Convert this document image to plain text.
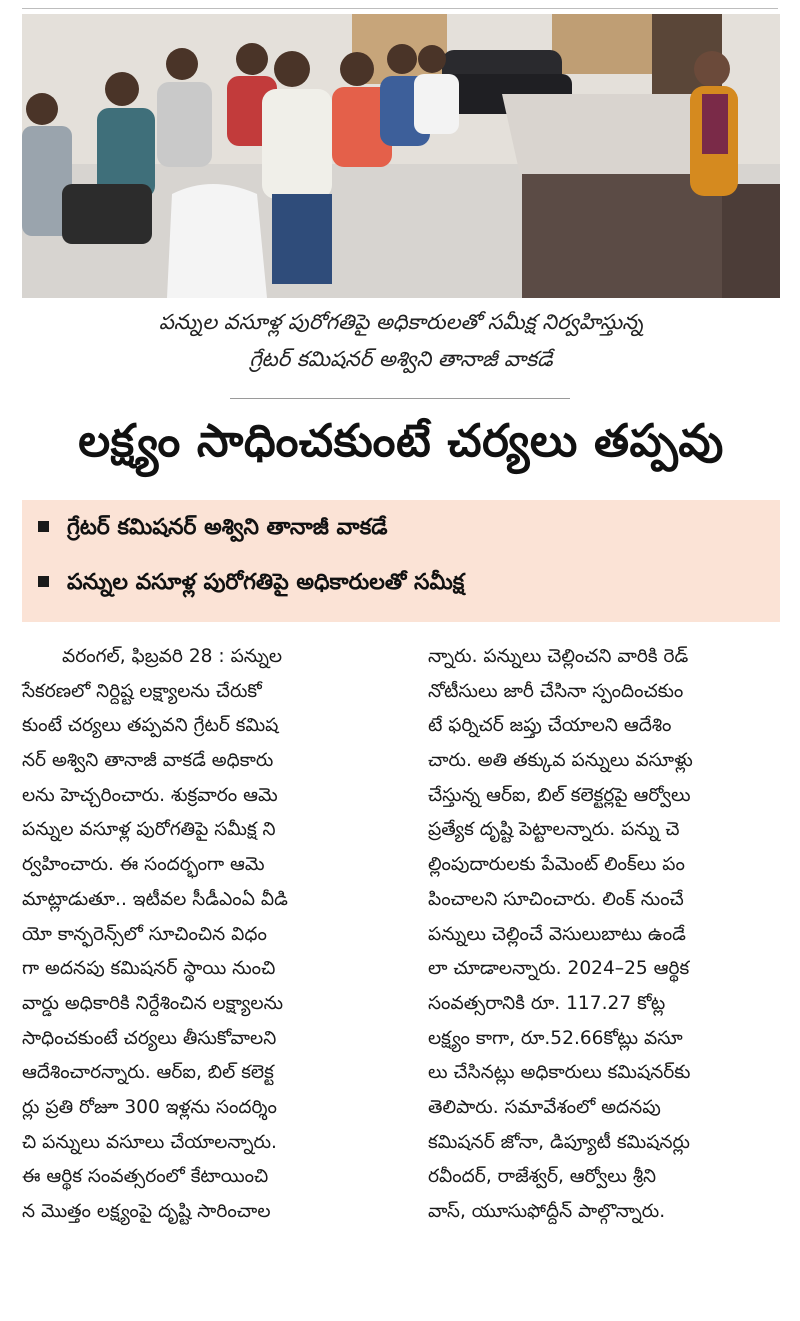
పన్నుల వసూళ్ల పురోగతిపై అధికారులతో సమీక్ష నిర్వహిస్తున్న
గ్రేటర్ కమిషనర్ అశ్విని తానాజీ వాకడే
లక్ష్యం సాధించకుంటే చర్యలు తప్పవు
గ్రేటర్ కమిషనర్ అశ్విని తానాజీ వాకడే
పన్నుల వసూళ్ల పురోగతిపై అధికారులతో సమీక్ష
వరంగల్, ఫిబ్రవరి 28 : పన్నుల
సేకరణలో నిర్దిష్ట లక్ష్యాలను చేరుకో
కుంటే చర్యలు తప్పవని గ్రేటర్ కమిష
నర్ అశ్విని తానాజీ వాకడే అధికారు
లను హెచ్చరించారు. శుక్రవారం ఆమె
పన్నుల వసూళ్ల పురోగతిపై సమీక్ష ని
ర్వహించారు. ఈ సందర్భంగా ఆమె
మాట్లాడుతూ.. ఇటీవల సీడీఎంఏ వీడి
యో కాన్ఫరెన్స్‌లో సూచించిన విధం
గా అదనపు కమిషనర్ స్థాయి నుంచి
వార్డు అధికారికి నిర్దేశించిన లక్ష్యాలను
సాధించకుంటే చర్యలు తీసుకోవాలని
ఆదేశించారన్నారు. ఆర్ఐ, బిల్ కలెక్ట
ర్లు ప్రతి రోజూ 300 ఇళ్లను సందర్శిం
చి పన్నులు వసూలు చేయాలన్నారు.
ఈ ఆర్థిక సంవత్సరంలో కేటాయించి
న మొత్తం లక్ష్యంపై దృష్టి సారించాల
న్నారు. పన్నులు చెల్లించని వారికి రెడ్
నోటీసులు జారీ చేసినా స్పందించకుం
టే ఫర్నిచర్ జప్తు చేయాలని ఆదేశిం
చారు. అతి తక్కువ పన్నులు వసూళ్లు
చేస్తున్న ఆర్ఐ, బిల్ కలెక్టర్లపై ఆర్వోలు
ప్రత్యేక దృష్టి పెట్టాలన్నారు. పన్ను చె
ల్లింపుదారులకు పేమెంట్ లింక్‌లు పం
పించాలని సూచించారు. లింక్ నుంచే
పన్నులు చెల్లించే వెసులుబాటు ఉండే
లా చూడాలన్నారు. 2024–25 ఆర్థిక
సంవత్సరానికి రూ. 117.27 కోట్ల
లక్ష్యం కాగా, రూ.52.66కోట్లు వసూ
లు చేసినట్లు అధికారులు కమిషనర్‌కు
తెలిపారు. సమావేశంలో అదనపు
కమిషనర్ జోనా, డిప్యూటీ కమిషనర్లు
రవీందర్, రాజేశ్వర్, ఆర్వోలు శ్రీని
వాస్, యూసుఫోద్దీన్ పాల్గొన్నారు.
